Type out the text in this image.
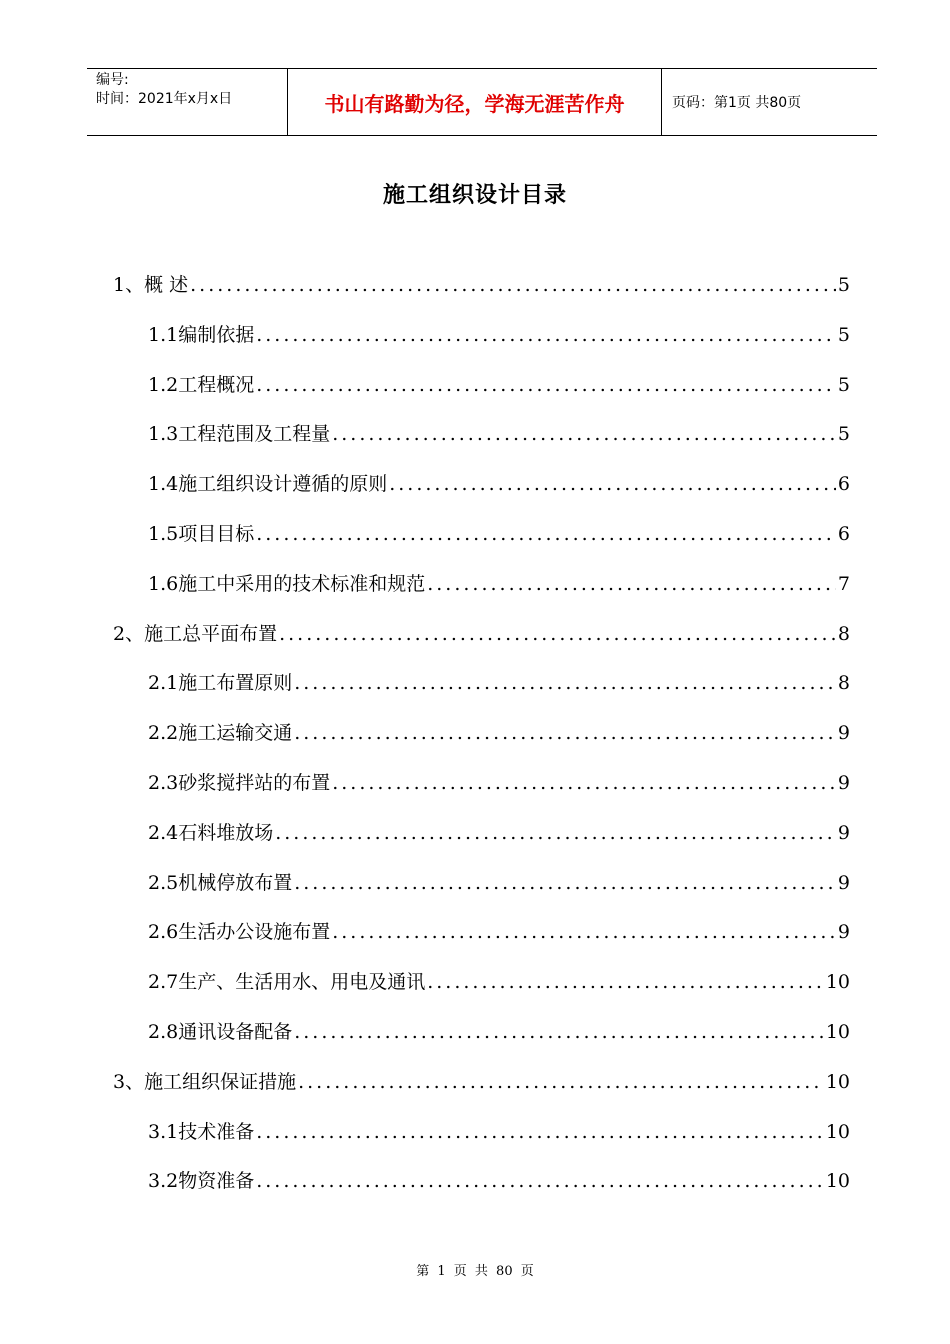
编号:
时间：2021年x月x日	书山有路勤为径，学海无涯苦作舟	页码：第1页 共80页
施工组织设计目录
1、概 述 .....	5
1.1编制依据 .....	5
1.2工程概况 .....	5
1.3工程范围及工程量 .....	5
1.4施工组织设计遵循的原则 .....	6
1.5项目目标 .....	6
1.6施工中采用的技术标准和规范 .....	7
2、施工总平面布置 .....	8
2.1施工布置原则 .....	8
2.2施工运输交通 .....	9
2.3砂浆搅拌站的布置 .....	9
2.4石料堆放场 .....	9
2.5机械停放布置 .....	9
2.6生活办公设施布置 .....	9
2.7生产、生活用水、用电及通讯 .....	10
2.8通讯设备配备 .....	10
3、施工组织保证措施 .....	10
3.1技术准备 .....	10
3.2物资准备 .....	10
第 1 页 共 80 页
